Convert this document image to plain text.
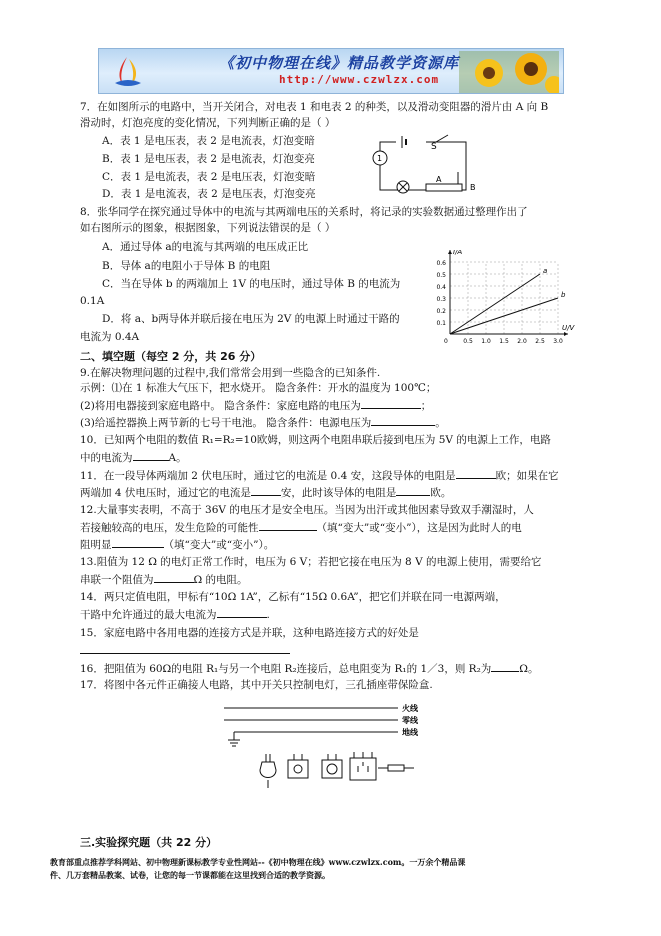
《初中物理在线》精品教学资源库
http://www.czwlzx.com
7．在如图所示的电路中，当开关闭合，对电表 1 和电表 2 的种类，以及滑动变阻器的滑片由 A 向 B
滑动时，灯泡亮度的变化情况，下列判断正确的是（ ）
A．表 1 是电压表，表 2 是电流表，灯泡变暗
B．表 1 是电压表，表 2 是电流表，灯泡变亮
C．表 1 是电流表，表 2 是电压表，灯泡变暗
D．表 1 是电流表，表 2 是电压表，灯泡变亮
S
1
A
B
8．张华同学在探究通过导体中的电流与其两端电压的关系时，将记录的实验数据通过整理作出了
如右图所示的图象，根据图象，下列说法错误的是（ ）
A．通过导体 a的电流与其两端的电压成正比
B．导体 a的电阻小于导体 B 的电阻
C．当在导体 b 的两端加上 1V 的电压时，通过导体 B 的电流为
0.1A
D．将 a、b两导体并联后接在电压为 2V 的电源上时通过干路的
电流为 0.4A
0.1
0.2
0.3
0.4
0.5
0.6
0.5 1.0 1.5 2.0 2.5 3.0
0
U/V
I/A
a
b
二、填空题（每空 2 分，共 26 分）
9.在解决物理问题的过程中,我们常常会用到一些隐含的已知条件.
示例：⑴在 1 标准大气压下，把水烧开。 隐含条件：开水的温度为 100℃；
(2)将用电器接到家庭电路中。 隐含条件：家庭电路的电压为	；
(3)给遥控器换上两节新的七号干电池。 隐含条件：电源电压为	。
10．已知两个电阻的数值 R₁=R₂=10欧姆，则这两个电阻串联后接到电压为 5V 的电源上工作，电路
中的电流为	A。
11．在一段导体两端加 2 伏电压时，通过它的电流是 0.4 安，这段导体的电阻是	欧；如果在它
两端加 4 伏电压时，通过它的电流是	安，此时该导体的电阻是	欧。
12.大量事实表明，不高于 36V 的电压才是安全电压。当因为出汗或其他因素导致双手潮湿时，人
若接触较高的电压，发生危险的可能性	（填“变大”或“变小”），这是因为此时人的电
阻明显	（填“变大”或“变小”）。
13.阻值为 12 Ω 的电灯正常工作时，电压为 6 V；若把它接在电压为 8 V 的电源上使用，需要给它
串联一个阻值为	Ω 的电阻。
14．两只定值电阻，甲标有“10Ω 1A”，乙标有“15Ω 0.6A”，把它们并联在同一电源两端，
干路中允许通过的最大电流为	.
15．家庭电路中各用电器的连接方式是并联，这种电路连接方式的好处是
16．把阻值为 60Ω的电阻 R₁与另一个电阻 R₂连接后，总电阻变为 R₁的 1／3，则 R₂为	Ω。
17．将图中各元件正确接人电路，其中开关只控制电灯，三孔插座带保险盒.
火线
零线
地线
三.实验探究题（共 22 分）
教育部重点推荐学科网站、初中物理新课标教学专业性网站--《初中物理在线》www.czwlzx.com。一万余个精品课
件、几万套精品教案、试卷，让您的每一节课都能在这里找到合适的教学资源。
